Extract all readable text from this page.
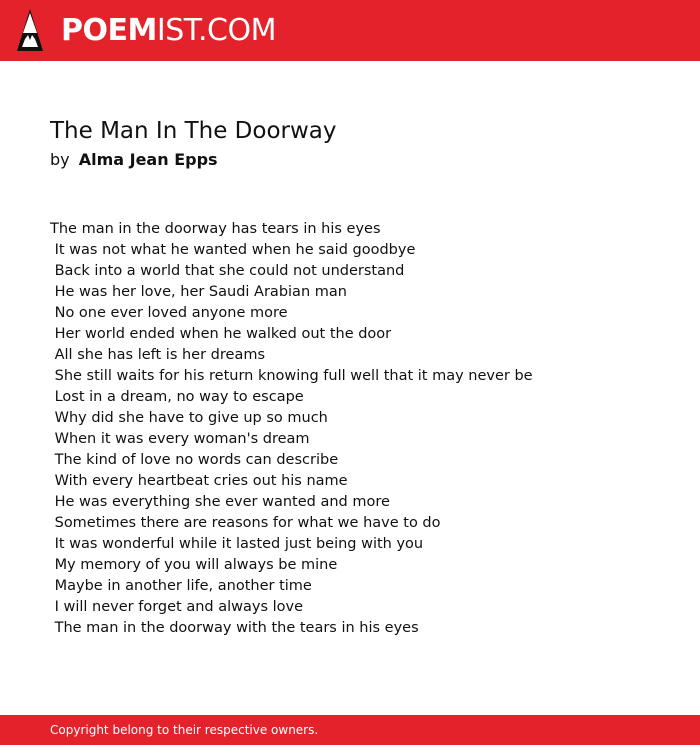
POEM IST.COM
The Man In The Doorway
by Alma Jean Epps
The man in the doorway has tears in his eyes
It was not what he wanted when he said goodbye
Back into a world that she could not understand
He was her love, her Saudi Arabian man
No one ever loved anyone more
Her world ended when he walked out the door
All she has left is her dreams
She still waits for his return knowing full well that it may never be
Lost in a dream, no way to escape
Why did she have to give up so much
When it was every woman's dream
The kind of love no words can describe
With every heartbeat cries out his name
He was everything she ever wanted and more
Sometimes there are reasons for what we have to do
It was wonderful while it lasted just being with you
My memory of you will always be mine
Maybe in another life, another time
I will never forget and always love
The man in the doorway with the tears in his eyes
Copyright belong to their respective owners.
